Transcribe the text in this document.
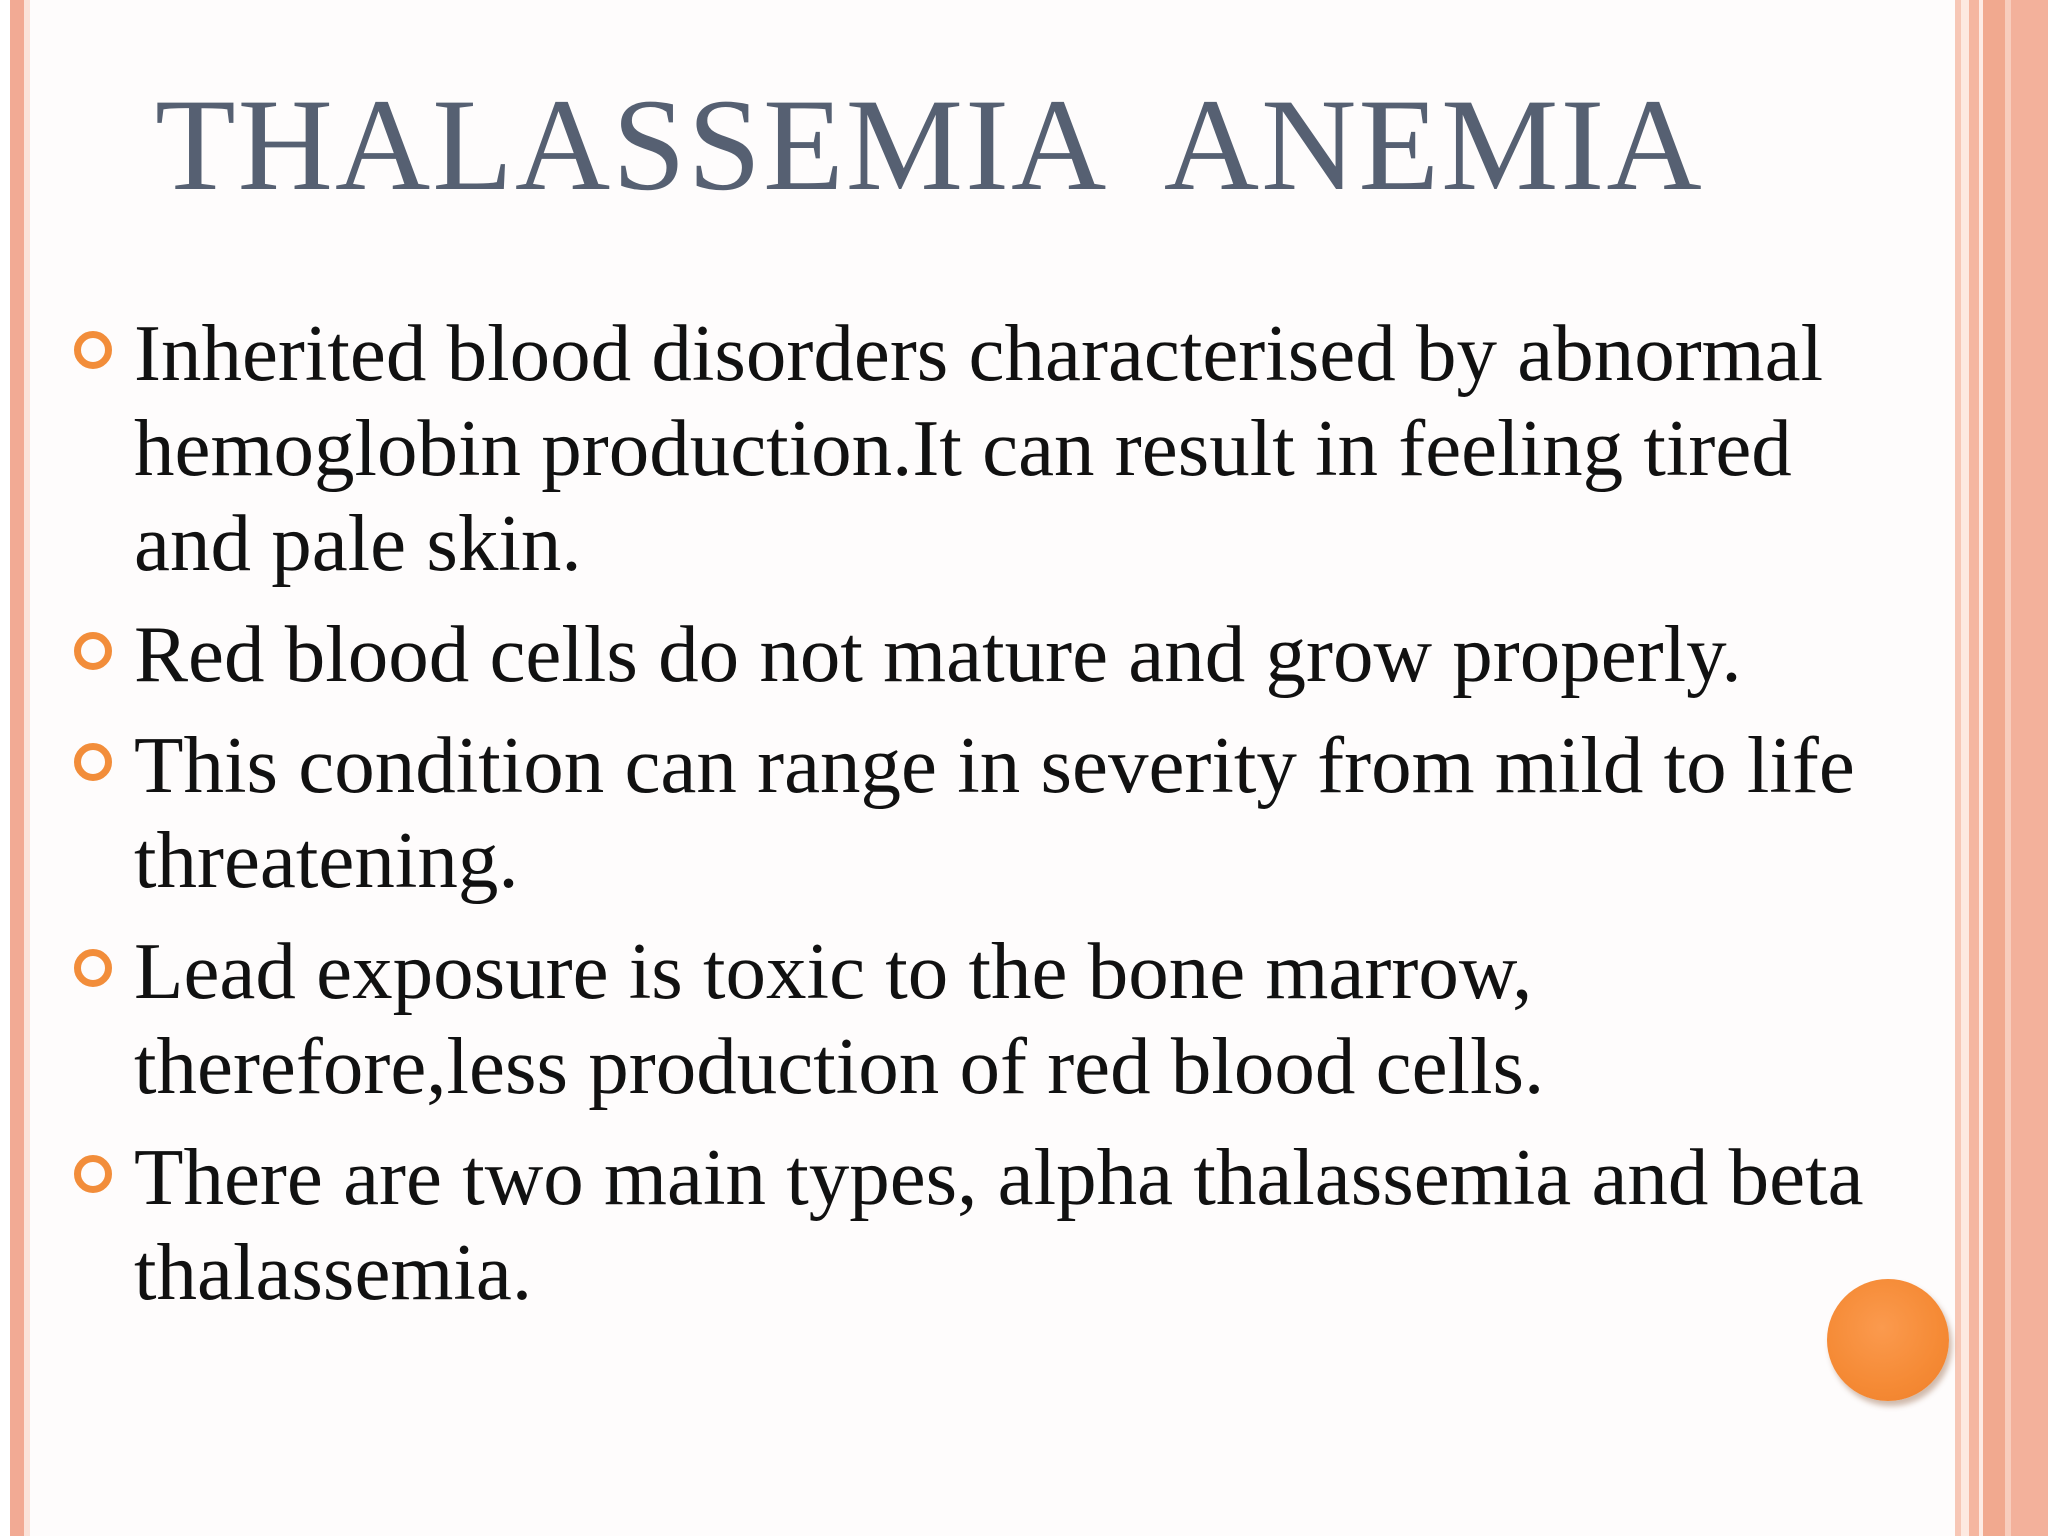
THALASSEMIA  ANEMIA
Inherited blood disorders characterised by abnormal hemoglobin production.It can result in feeling tired and pale skin.
Red blood cells do not mature and grow properly.
This condition can range in severity from mild to life threatening.
Lead exposure is toxic to the bone marrow, therefore,less production of red blood cells.
There are two main types, alpha thalassemia and beta thalassemia.
